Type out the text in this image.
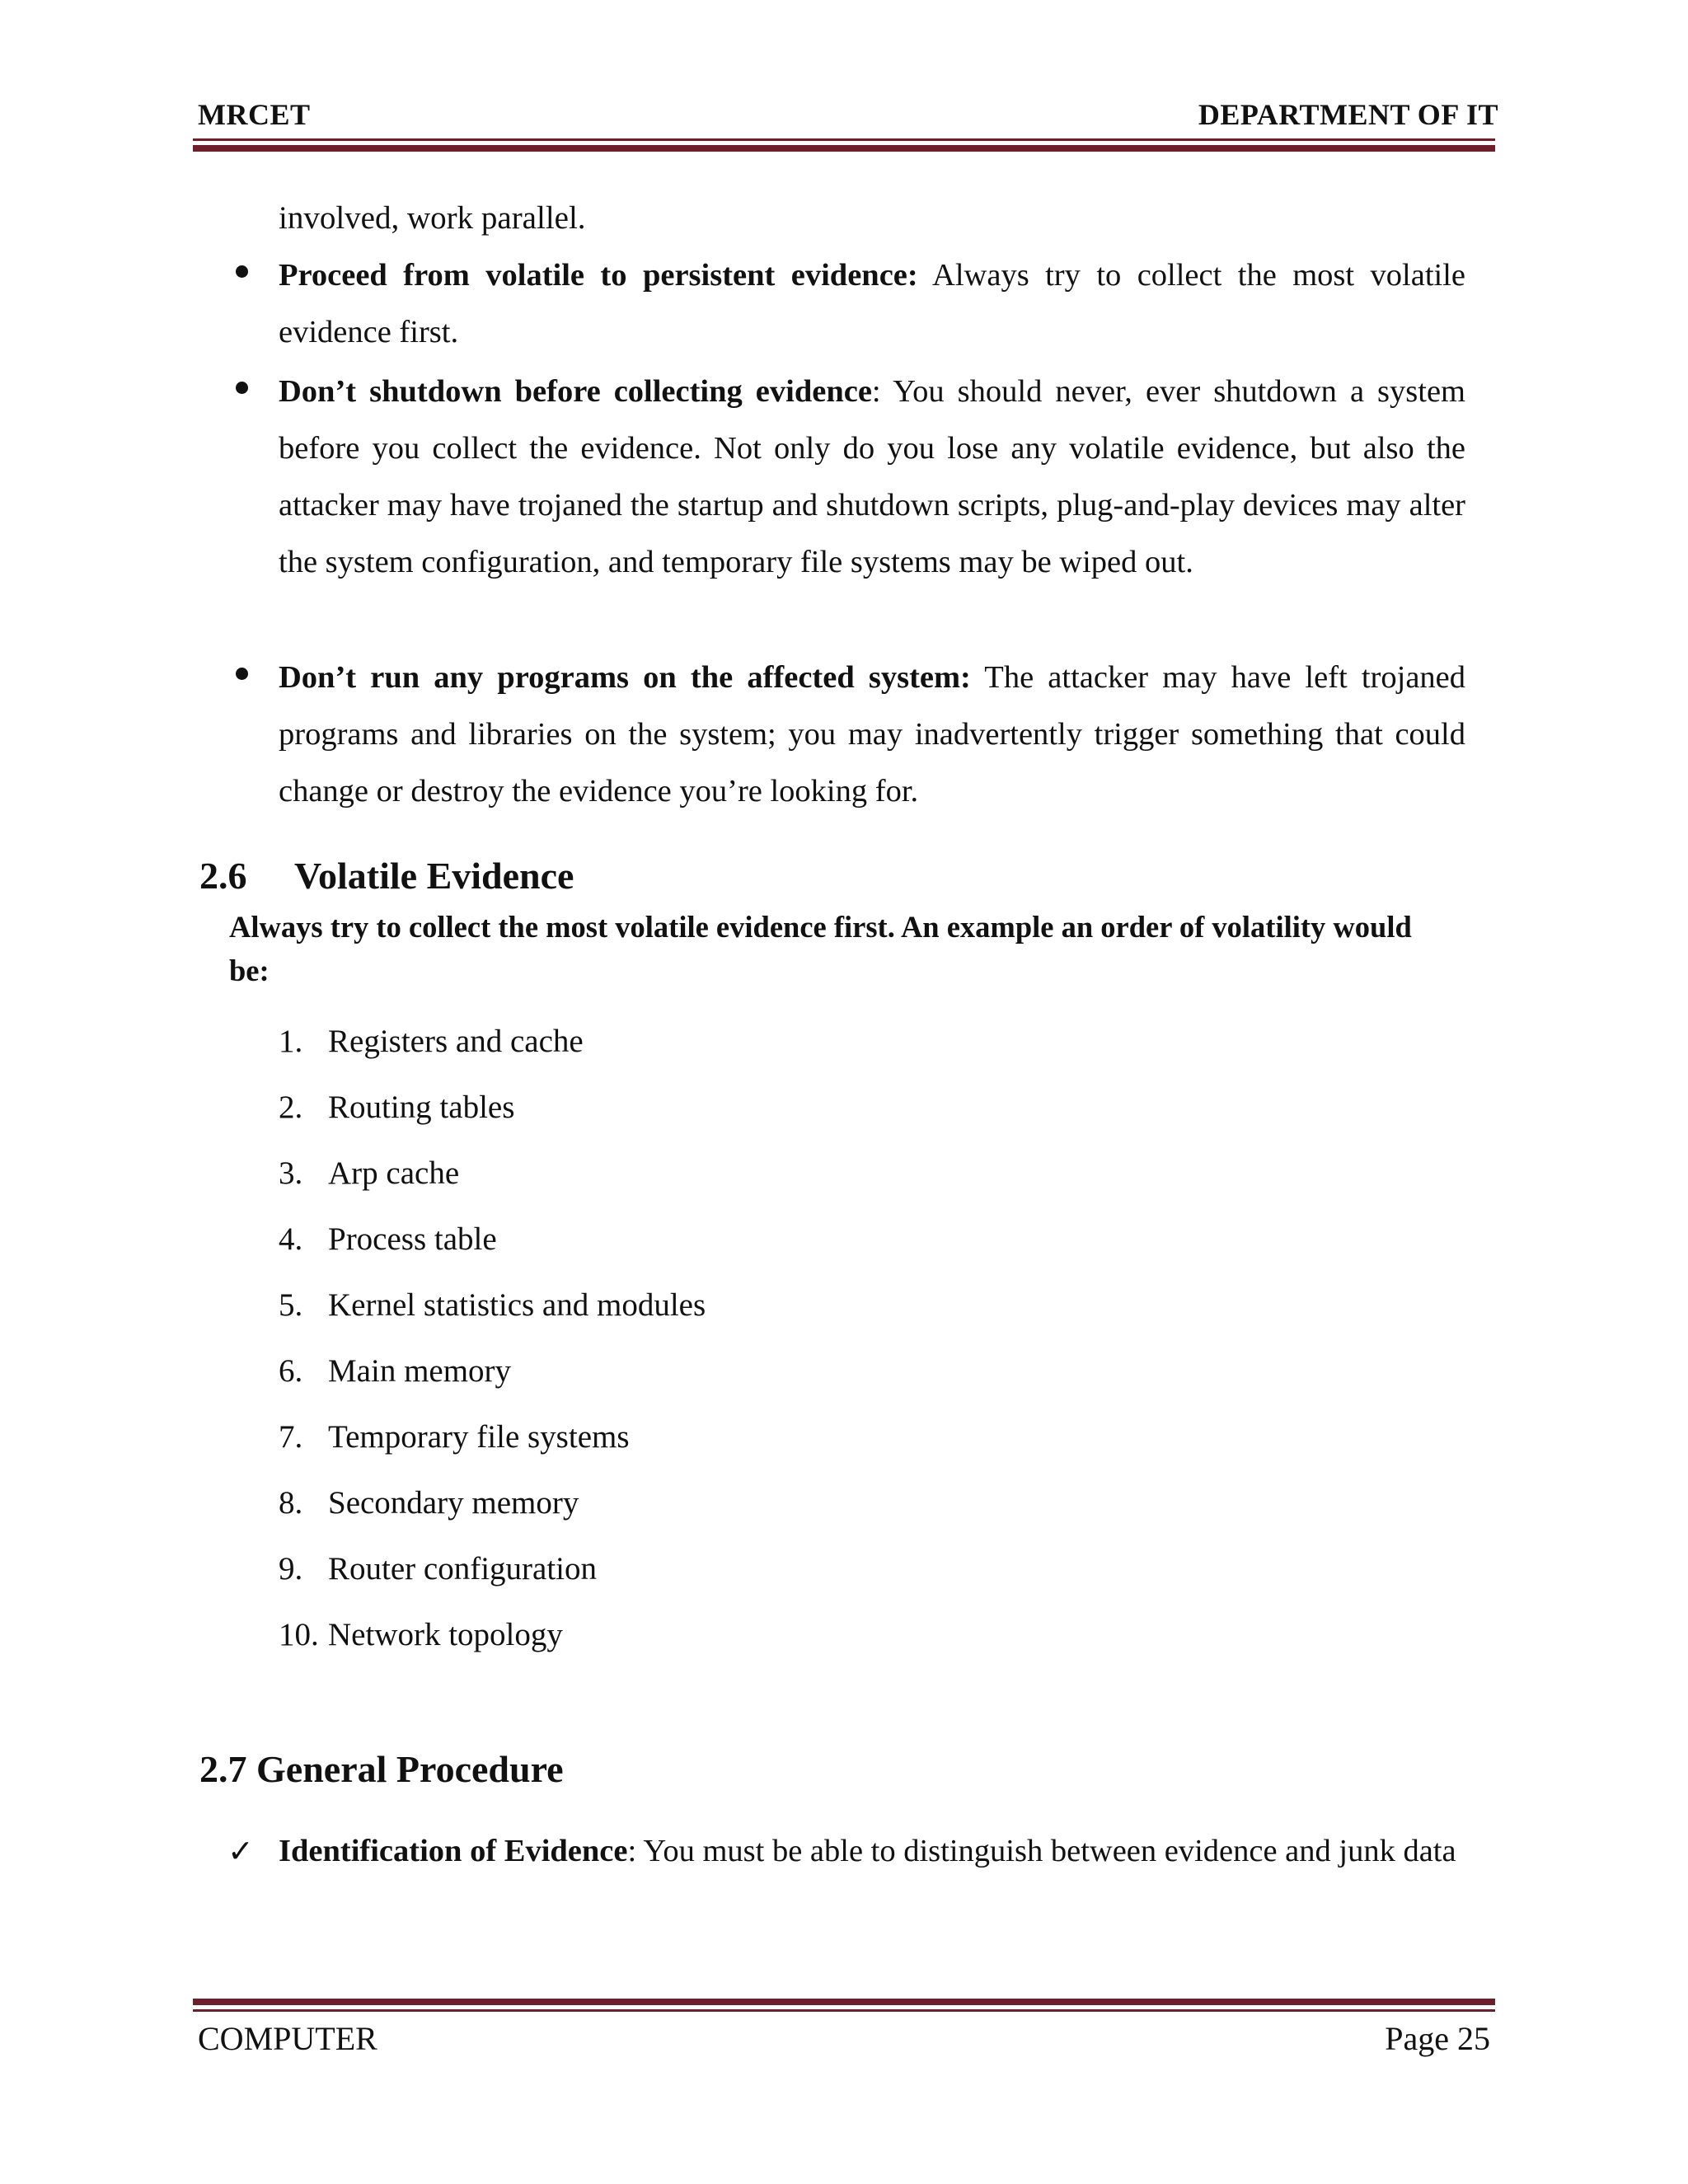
MRCET	DEPARTMENT OF IT
involved, work parallel.

Proceed from volatile to persistent evidence: Always try to collect the most volatile evidence first.

Don’t shutdown before collecting evidence: You should never, ever shutdown a system before you collect the evidence. Not only do you lose any volatile evidence, but also the attacker may have trojaned the startup and shutdown scripts, plug-and-play devices may alter the system configuration, and temporary file systems may be wiped out.

Don’t run any programs on the affected system: The attacker may have left trojaned programs and libraries on the system; you may inadvertently trigger something that could change or destroy the evidence you’re looking for.

2.6 Volatile Evidence

Always try to collect the most volatile evidence first. An example an order of volatility would be:

1. Registers and cache
2. Routing tables
3. Arp cache
4. Process table
5. Kernel statistics and modules
6. Main memory
7. Temporary file systems
8. Secondary memory
9. Router configuration
10. Network topology
2.7 General Procedure

✓ Identification of Evidence: You must be able to distinguish between evidence and junk data

COMPUTER	Page 25
